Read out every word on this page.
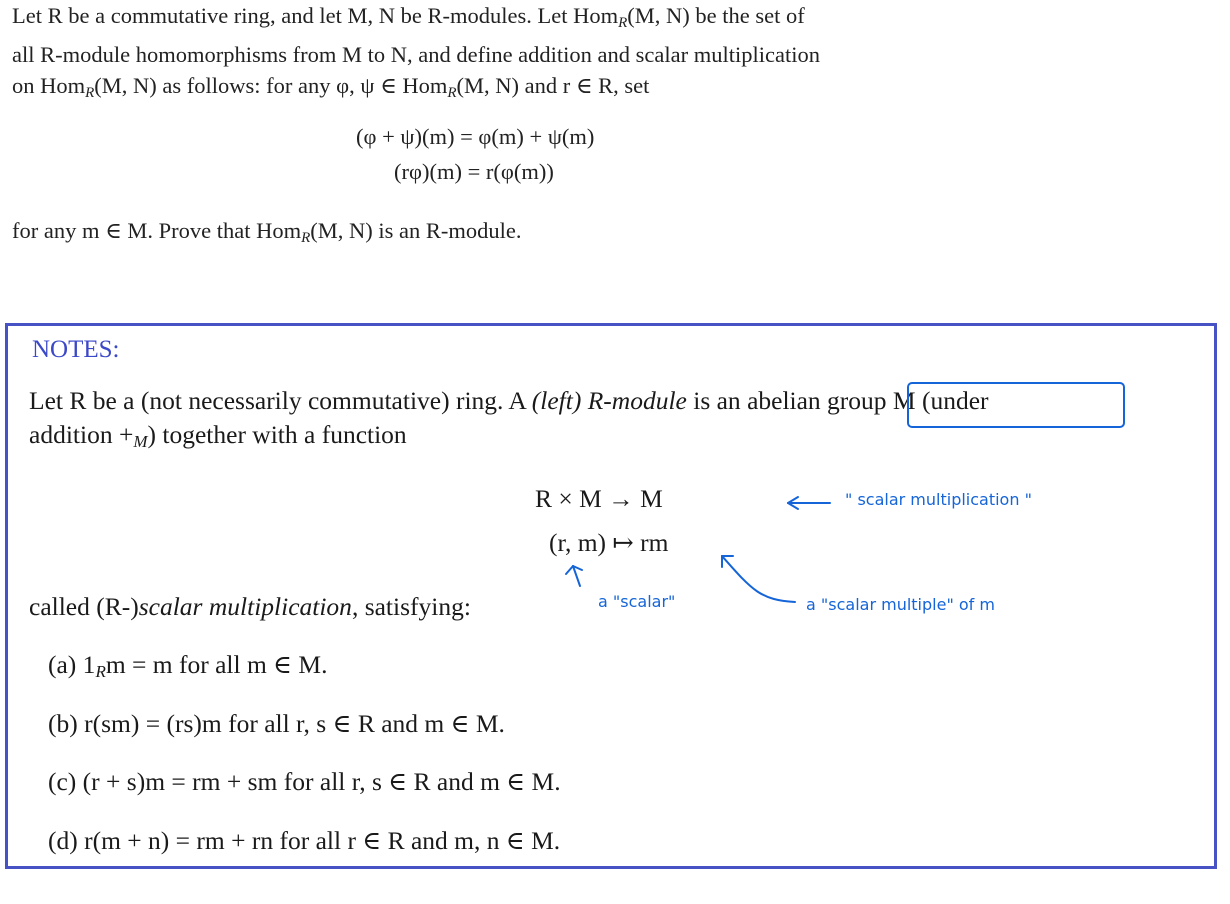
Let R be a commutative ring, and let M, N be R-modules. Let Hom$_R$(M, N) be the set of

all R-module homomorphisms from M to N, and define addition and scalar multiplication

on Hom$_R$(M, N) as follows: for any φ, ψ ∈ Hom$_R$(M, N) and r ∈ R, set

(φ + ψ)(m) = φ(m) + ψ(m)
(rφ)(m) = r(φ(m))
for any m ∈ M. Prove that Hom$_R$(M, N) is an R-module.
NOTES:
Let R be a (not necessarily commutative) ring. A (left) R-module is an abelian group M (under
addition $+_M$) together with a function
R × M → M
(r, m) ↦ rm
called (R-)scalar multiplication, satisfying:
(a) $1_Rm = m$ for all m ∈ M.
(b) r(sm) = (rs)m for all r, s ∈ R and m ∈ M.
(c) (r + s)m = rm + sm for all r, s ∈ R and m ∈ M.
(d) r(m + n) = rm + rn for all r ∈ R and m, n ∈ M.
" scalar multiplication "
a "scalar"	a "scalar multiple" of m
